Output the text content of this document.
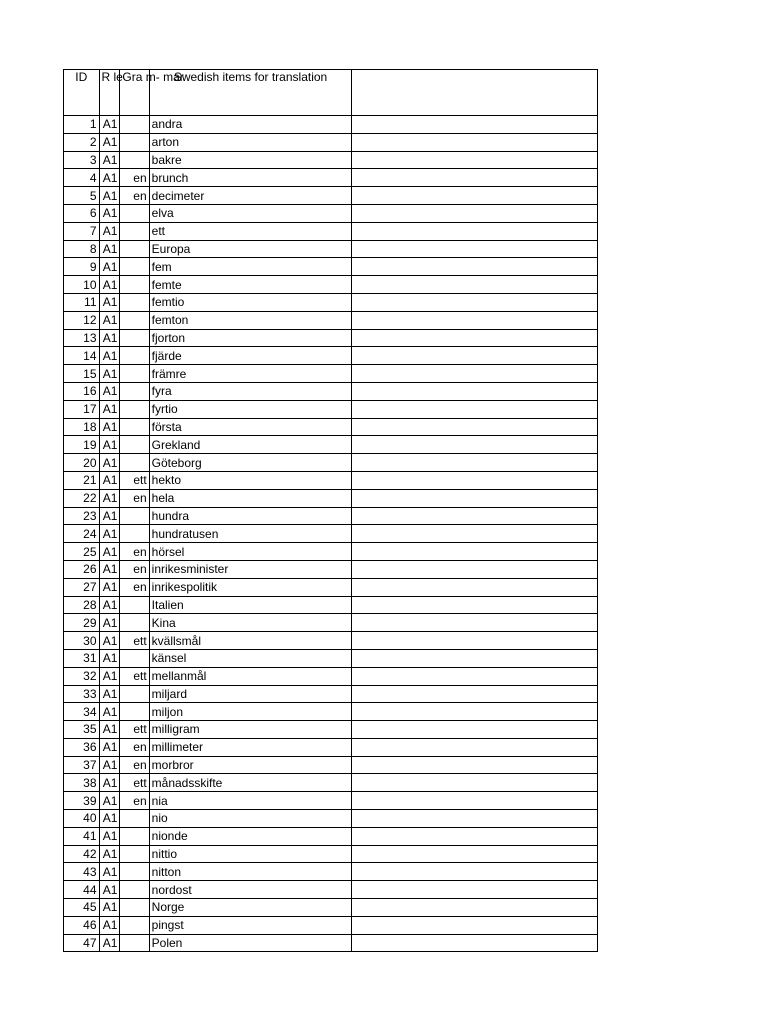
ID	R le	Gra m- mar	Swedish items for translation	
1	A1		andra	
2	A1		arton	
3	A1		bakre	
4	A1	en	brunch	
5	A1	en	decimeter	
6	A1		elva	
7	A1		ett	
8	A1		Europa	
9	A1		fem	
10	A1		femte	
11	A1		femtio	
12	A1		femton	
13	A1		fjorton	
14	A1		fjärde	
15	A1		främre	
16	A1		fyra	
17	A1		fyrtio	
18	A1		första	
19	A1		Grekland	
20	A1		Göteborg	
21	A1	ett	hekto	
22	A1	en	hela	
23	A1		hundra	
24	A1		hundratusen	
25	A1	en	hörsel	
26	A1	en	inrikesminister	
27	A1	en	inrikespolitik	
28	A1		Italien	
29	A1		Kina	
30	A1	ett	kvällsmål	
31	A1		känsel	
32	A1	ett	mellanmål	
33	A1		miljard	
34	A1		miljon	
35	A1	ett	milligram	
36	A1	en	millimeter	
37	A1	en	morbror	
38	A1	ett	månadsskifte	
39	A1	en	nia	
40	A1		nio	
41	A1		nionde	
42	A1		nittio	
43	A1		nitton	
44	A1		nordost	
45	A1		Norge	
46	A1		pingst	
47	A1		Polen	
